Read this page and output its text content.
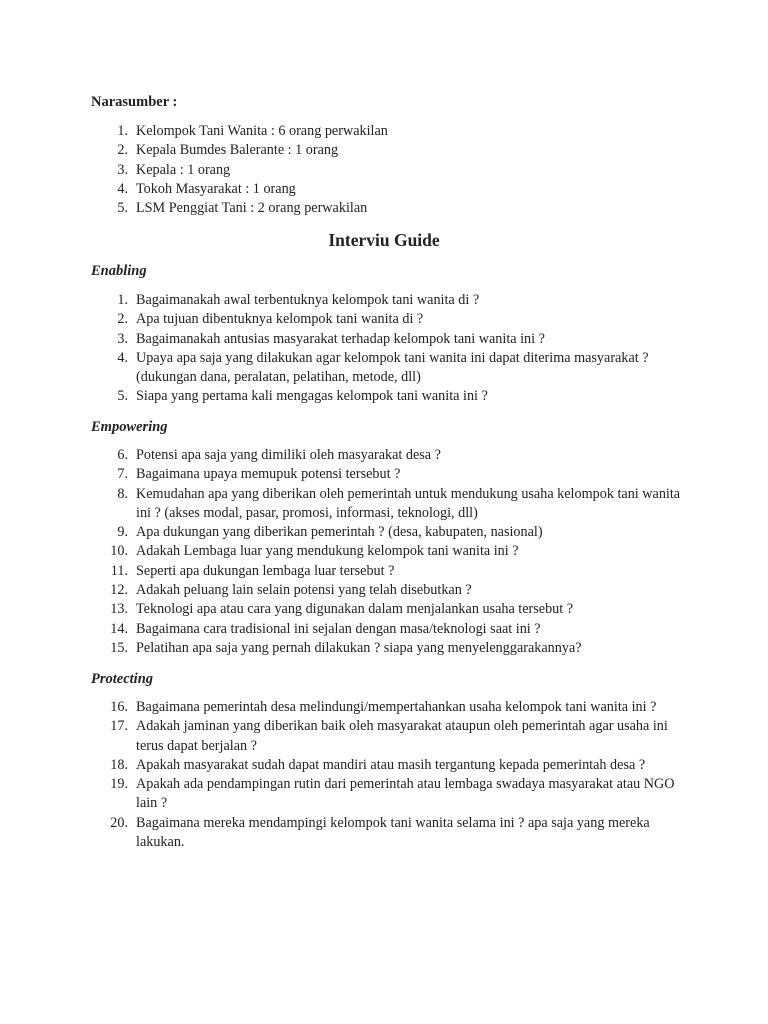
Narasumber :
1. Kelompok Tani Wanita : 6 orang perwakilan
2. Kepala Bumdes Balerante : 1 orang
3. Kepala : 1 orang
4. Tokoh Masyarakat : 1 orang
5. LSM Penggiat Tani : 2 orang perwakilan
Interviu Guide
Enabling
1. Bagaimanakah awal terbentuknya kelompok tani wanita di ?
2. Apa tujuan dibentuknya kelompok tani wanita di ?
3. Bagaimanakah antusias masyarakat terhadap kelompok tani wanita ini ?
4. Upaya apa saja yang dilakukan agar kelompok tani wanita ini dapat diterima masyarakat ? (dukungan dana, peralatan, pelatihan, metode, dll)
5. Siapa yang pertama kali mengagas kelompok tani wanita ini ?
Empowering
6. Potensi apa saja yang dimiliki oleh masyarakat desa ?
7. Bagaimana upaya memupuk potensi tersebut ?
8. Kemudahan apa yang diberikan oleh pemerintah untuk mendukung usaha kelompok tani wanita ini ? (akses modal, pasar, promosi, informasi, teknologi, dll)
9. Apa dukungan yang diberikan pemerintah ? (desa, kabupaten, nasional)
10. Adakah Lembaga luar yang mendukung kelompok tani wanita ini ?
11. Seperti apa dukungan lembaga luar tersebut ?
12. Adakah peluang lain selain potensi yang telah disebutkan ?
13. Teknologi apa atau cara yang digunakan dalam menjalankan usaha tersebut ?
14. Bagaimana cara tradisional ini sejalan dengan masa/teknologi saat ini ?
15. Pelatihan apa saja yang pernah dilakukan ? siapa yang menyelenggarakannya?
Protecting
16. Bagaimana pemerintah desa melindungi/mempertahankan usaha kelompok tani wanita ini ?
17. Adakah jaminan yang diberikan baik oleh masyarakat ataupun oleh pemerintah agar usaha ini terus dapat berjalan ?
18. Apakah masyarakat sudah dapat mandiri atau masih tergantung kepada pemerintah desa ?
19. Apakah ada pendampingan rutin dari pemerintah atau lembaga swadaya masyarakat atau NGO lain ?
20. Bagaimana mereka mendampingi kelompok tani wanita selama ini ? apa saja yang mereka lakukan.
